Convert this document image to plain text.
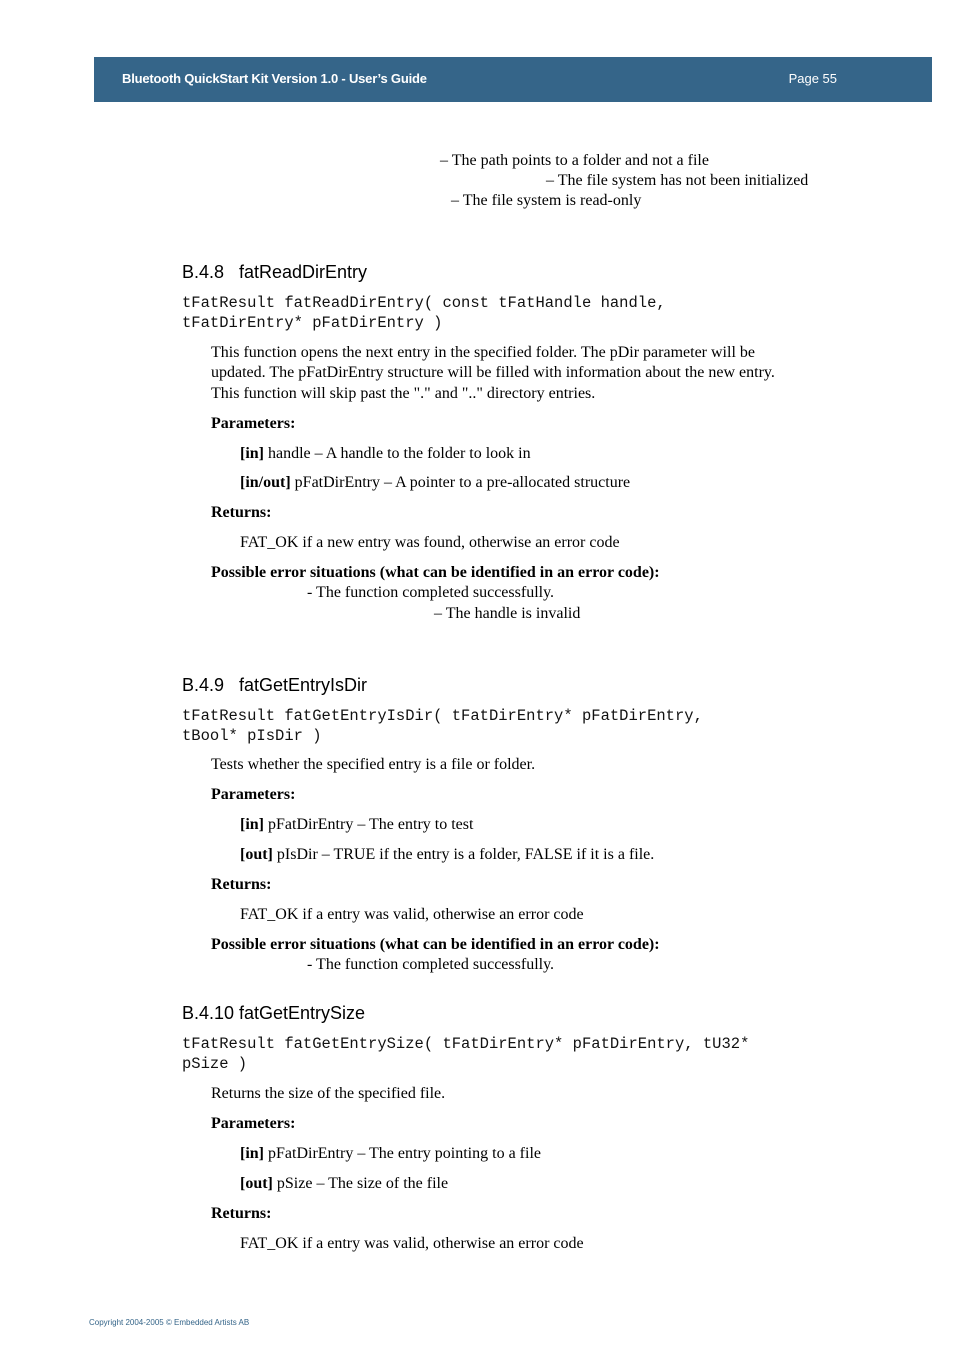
Bluetooth QuickStart Kit Version 1.0 - User’s Guide	Page 55
– The path points to a folder and not a file
– The file system has not been initialized
– The file system is read-only
B.4.8 fatReadDirEntry
tFatResult fatReadDirEntry( const tFatHandle handle,
tFatDirEntry* pFatDirEntry )
This function opens the next entry in the specified folder. The pDir parameter will be
updated. The pFatDirEntry structure will be filled with information about the new entry.
This function will skip past the "." and ".." directory entries.
Parameters:
[in] handle – A handle to the folder to look in
[in/out] pFatDirEntry – A pointer to a pre-allocated structure
Returns:
FAT_OK if a new entry was found, otherwise an error code
Possible error situations (what can be identified in an error code):
- The function completed successfully.
– The handle is invalid
B.4.9 fatGetEntryIsDir
tFatResult fatGetEntryIsDir( tFatDirEntry* pFatDirEntry,
tBool* pIsDir )
Tests whether the specified entry is a file or folder.
Parameters:
[in] pFatDirEntry – The entry to test
[out] pIsDir – TRUE if the entry is a folder, FALSE if it is a file.
Returns:
FAT_OK if a entry was valid, otherwise an error code
Possible error situations (what can be identified in an error code):
- The function completed successfully.
B.4.10 fatGetEntrySize
tFatResult fatGetEntrySize( tFatDirEntry* pFatDirEntry, tU32*
pSize )
Returns the size of the specified file.
Parameters:
[in] pFatDirEntry – The entry pointing to a file
[out] pSize – The size of the file
Returns:
FAT_OK if a entry was valid, otherwise an error code
Copyright 2004-2005 © Embedded Artists AB
